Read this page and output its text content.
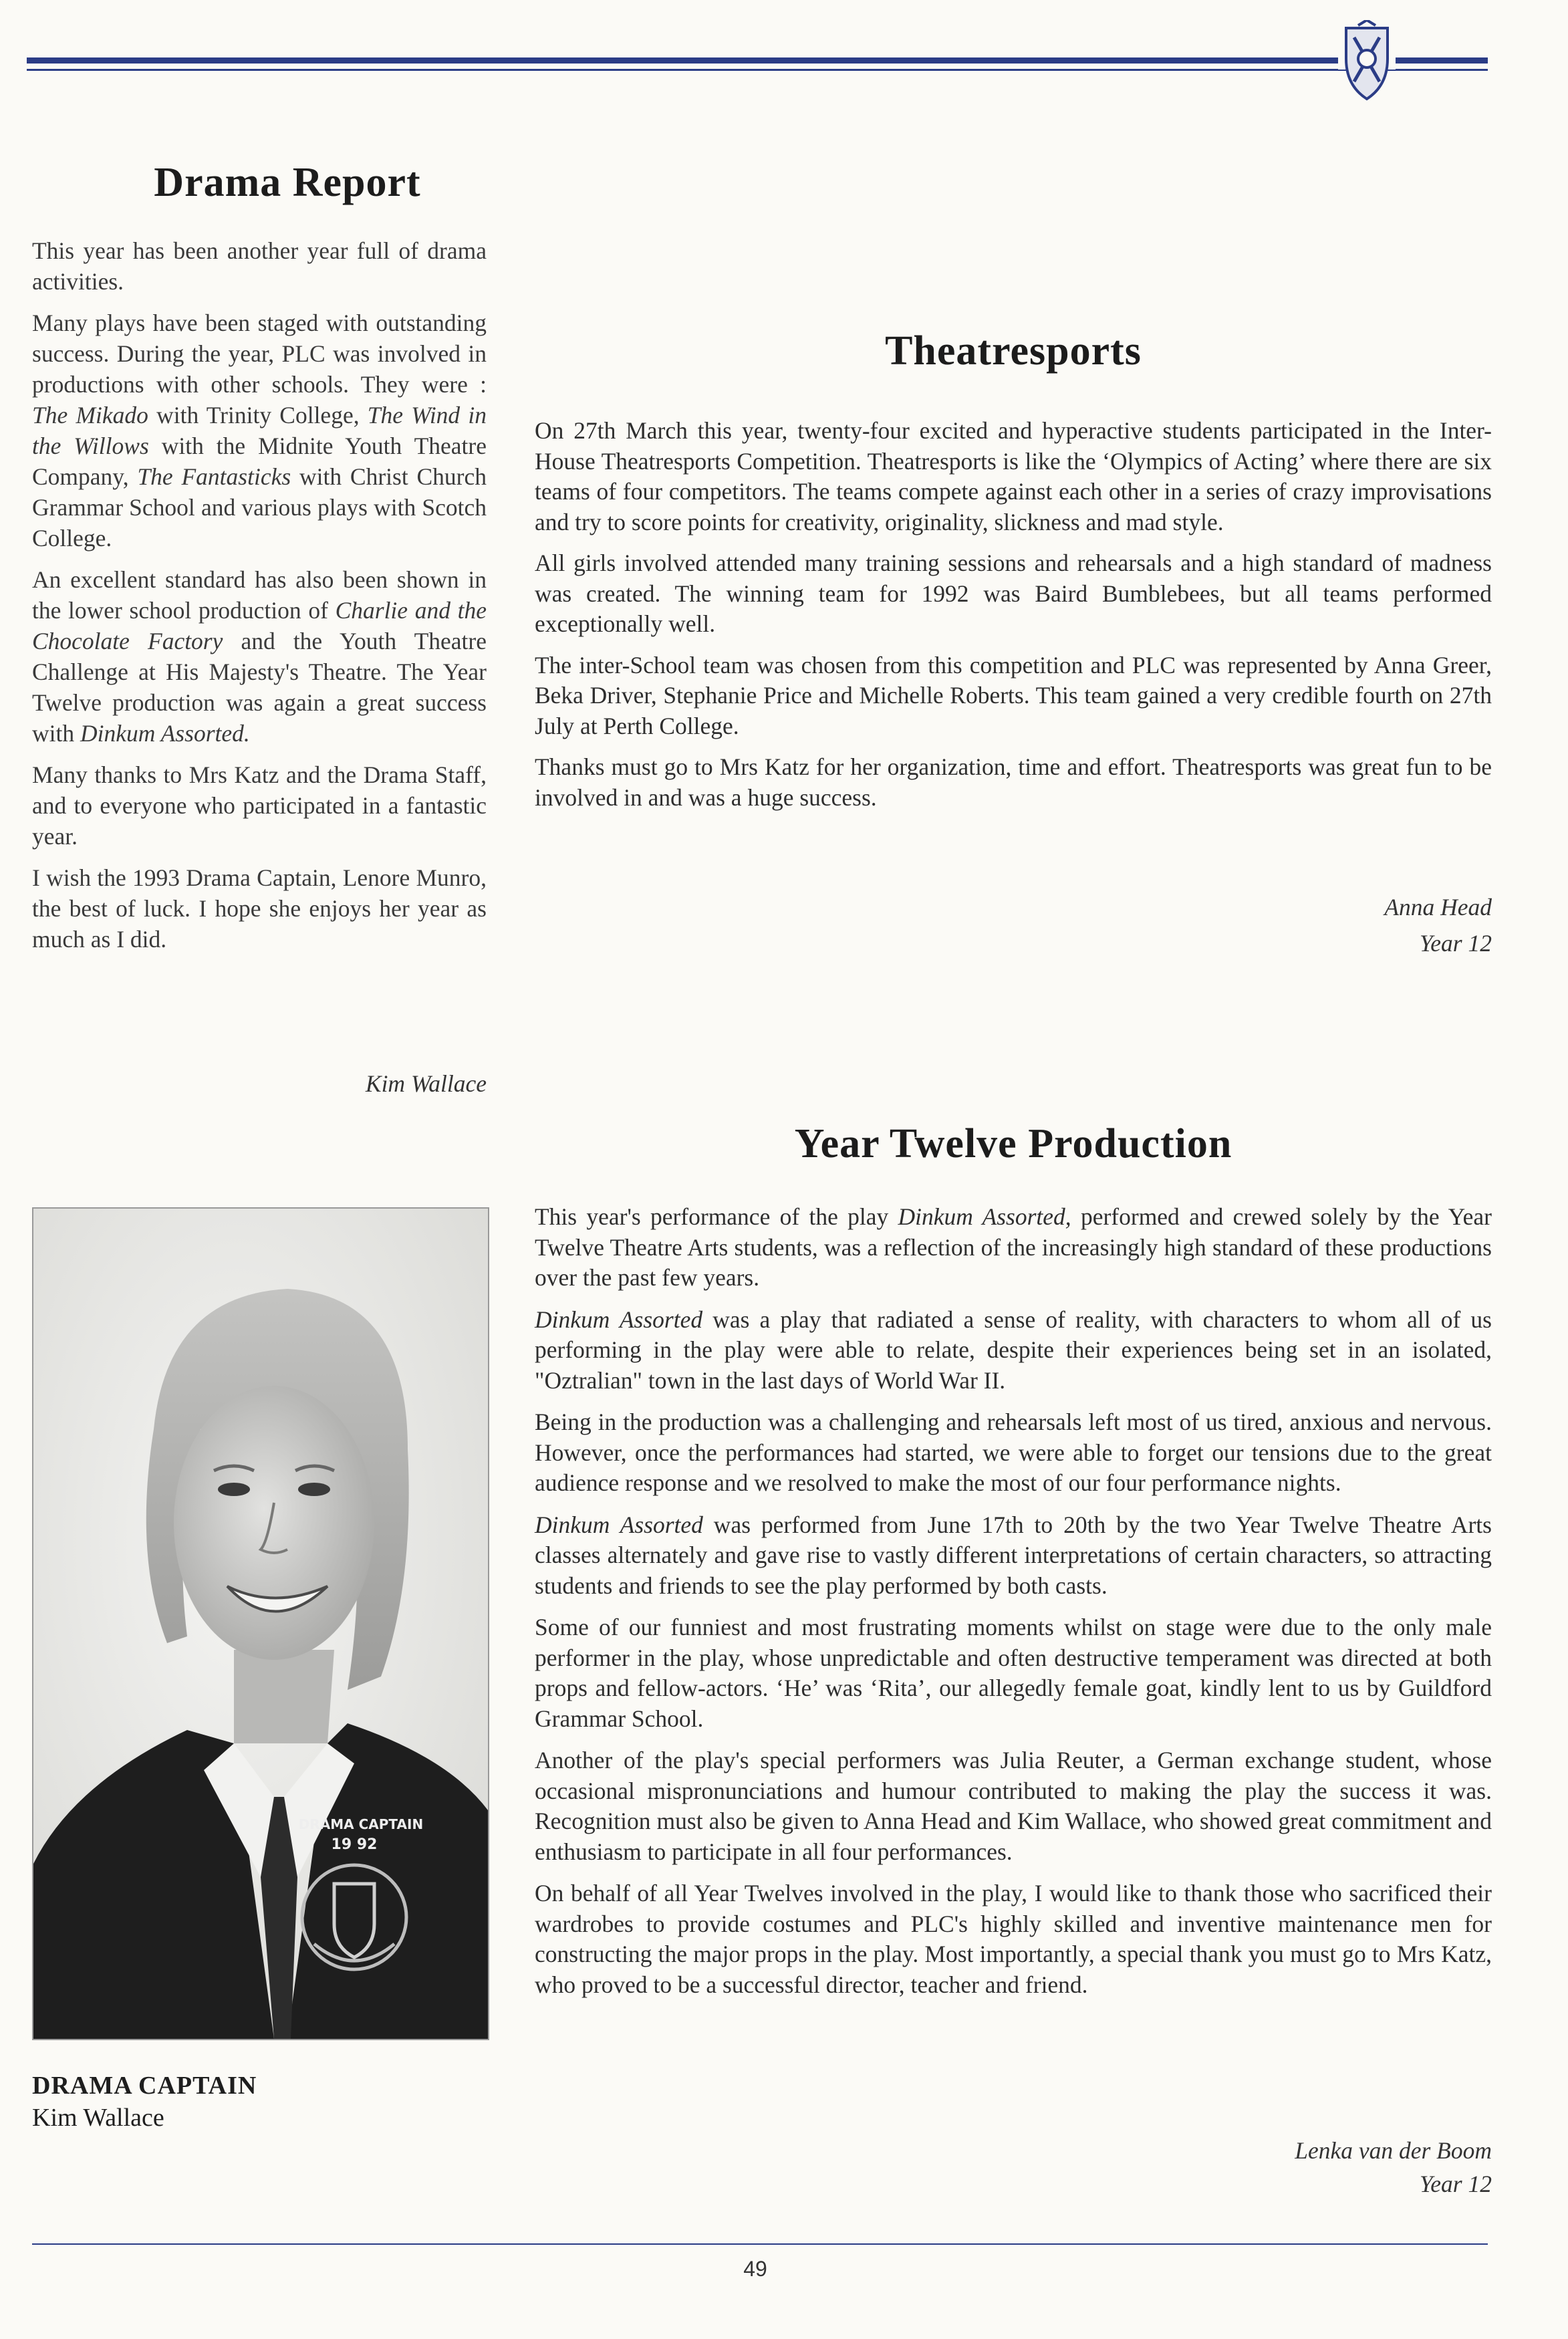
Drama Report

This year has been another year full of drama activities.

Many plays have been staged with outstanding success. During the year, PLC was involved in productions with other schools. They were : The Mikado with Trinity College, The Wind in the Willows with the Midnite Youth Theatre Company, The Fantasticks with Christ Church Grammar School and various plays with Scotch College.

An excellent standard has also been shown in the lower school production of Charlie and the Chocolate Factory and the Youth Theatre Challenge at His Majesty's Theatre. The Year Twelve production was again a great success with Dinkum Assorted.

Many thanks to Mrs Katz and the Drama Staff, and to everyone who participated in a fantastic year.

I wish the 1993 Drama Captain, Lenore Munro, the best of luck. I hope she enjoys her year as much as I did.

Kim Wallace
DRAMA CAPTAIN
19 92
DRAMA CAPTAIN
Kim Wallace
Theatresports

On 27th March this year, twenty-four excited and hyperactive students participated in the Inter-House Theatresports Competition. Theatresports is like the ‘Olympics of Acting’ where there are six teams of four competitors. The teams compete against each other in a series of crazy improvisations and try to score points for creativity, originality, slickness and mad style.

All girls involved attended many training sessions and rehearsals and a high standard of madness was created. The winning team for 1992 was Baird Bumblebees, but all teams performed exceptionally well.

The inter-School team was chosen from this competition and PLC was represented by Anna Greer, Beka Driver, Stephanie Price and Michelle Roberts. This team gained a very credible fourth on 27th July at Perth College.

Thanks must go to Mrs Katz for her organization, time and effort. Theatresports was great fun to be involved in and was a huge success.

Anna Head
Year 12
Year Twelve Production

This year's performance of the play Dinkum Assorted, performed and crewed solely by the Year Twelve Theatre Arts students, was a reflection of the increasingly high standard of these productions over the past few years.

Dinkum Assorted was a play that radiated a sense of reality, with characters to whom all of us performing in the play were able to relate, despite their experiences being set in an isolated, "Oztralian" town in the last days of World War II.

Being in the production was a challenging and rehearsals left most of us tired, anxious and nervous. However, once the performances had started, we were able to forget our tensions due to the great audience response and we resolved to make the most of our four performance nights.

Dinkum Assorted was performed from June 17th to 20th by the two Year Twelve Theatre Arts classes alternately and gave rise to vastly different interpretations of certain characters, so attracting students and friends to see the play performed by both casts.

Some of our funniest and most frustrating moments whilst on stage were due to the only male performer in the play, whose unpredictable and often destructive temperament was directed at both props and fellow-actors. ‘He’ was ‘Rita’, our allegedly female goat, kindly lent to us by Guildford Grammar School.

Another of the play's special performers was Julia Reuter, a German exchange student, whose occasional mispronunciations and humour contributed to making the play the success it was. Recognition must also be given to Anna Head and Kim Wallace, who showed great commitment and enthusiasm to participate in all four performances.

On behalf of all Year Twelves involved in the play, I would like to thank those who sacrificed their wardrobes to provide costumes and PLC's highly skilled and inventive maintenance men for constructing the major props in the play. Most importantly, a special thank you must go to Mrs Katz, who proved to be a successful director, teacher and friend.

Lenka van der Boom
Year 12
49
